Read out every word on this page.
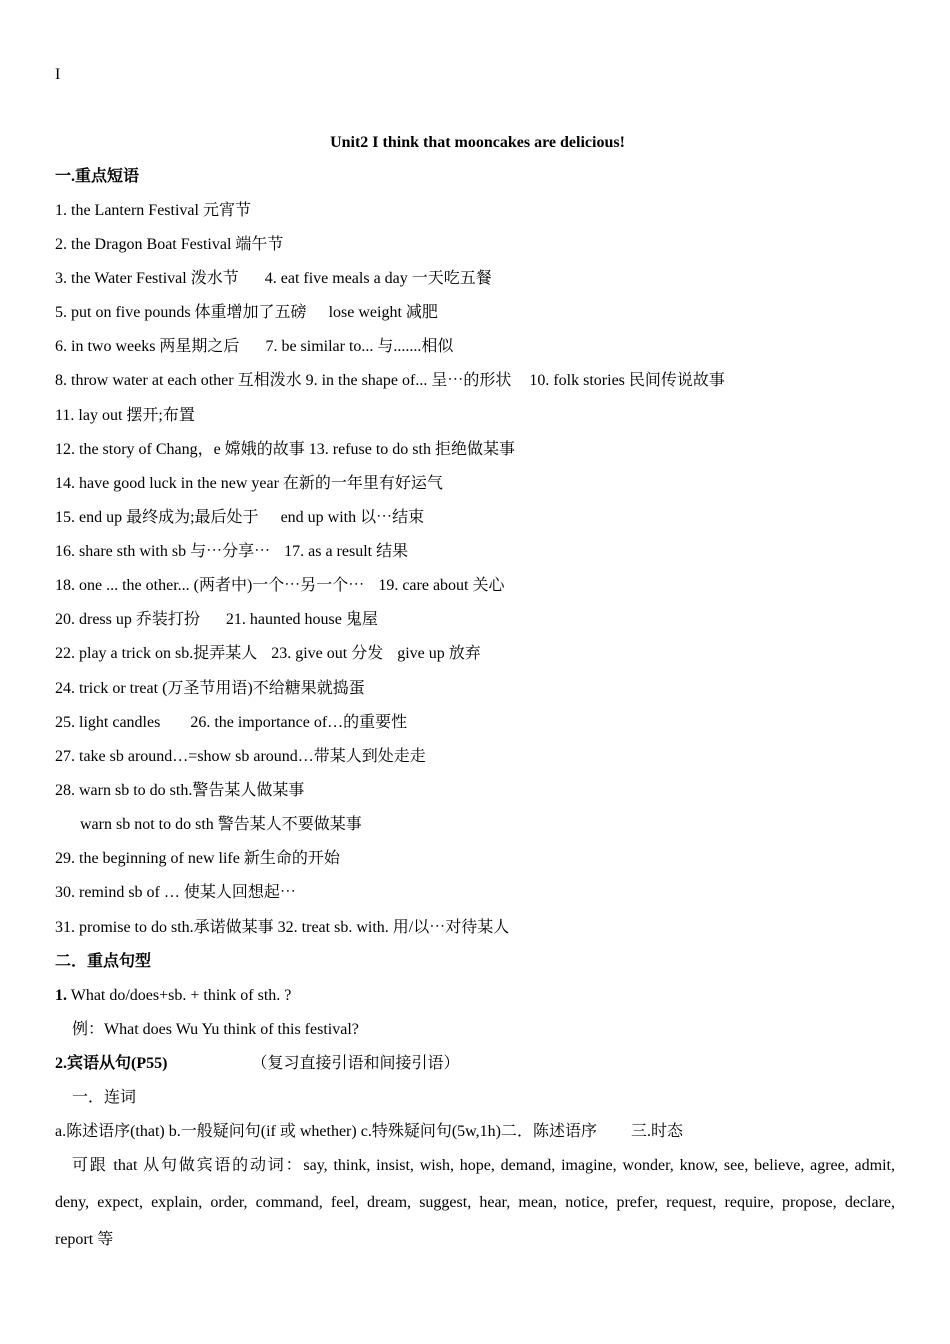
I
Unit2 I think that mooncakes are delicious!
一.重点短语
1. the Lantern Festival 元宵节
2. the Dragon Boat Festival 端午节
3. the Water Festival 泼水节 4. eat five meals a day 一天吃五餐
5. put on five pounds 体重增加了五磅 lose weight 减肥
6. in two weeks 两星期之后 7. be similar to... 与.......相似
8. throw water at each other 互相泼水 9. in the shape of... 呈⋯的形状 10. folk stories 民间传说故事
11. lay out 摆开;布置
12. the story of Chang，e 嫦娥的故事 13. refuse to do sth 拒绝做某事
14. have good luck in the new year 在新的一年里有好运气
15. end up 最终成为;最后处于 end up with 以⋯结束
16. share sth with sb 与⋯分享⋯ 17. as a result 结果
18. one ... the other... (两者中)一个⋯另一个⋯ 19. care about 关心
20. dress up 乔装打扮 21. haunted house 鬼屋
22. play a trick on sb.捉弄某人 23. give out 分发 give up 放弃
24. trick or treat (万圣节用语)不给糖果就捣蛋
25. light candles 26. the importance of…的重要性
27. take sb around…=show sb around…带某人到处走走
28. warn sb to do sth.警告某人做某事
warn sb not to do sth 警告某人不要做某事
29. the beginning of new life 新生命的开始
30. remind sb of … 使某人回想起⋯
31. promise to do sth.承诺做某事 32. treat sb. with. 用/以⋯对待某人
二．重点句型
1. What do/does+sb. + think of sth. ?
例：What does Wu Yu think of this festival?
2.宾语从句(P55)	（复习直接引语和间接引语）
一．连词
a.陈述语序(that) b.一般疑问句(if 或 whether) c.特殊疑问句(5w,1h)二．陈述语序 三.时态
可跟 that 从句做宾语的动词：say, think, insist, wish, hope, demand, imagine, wonder, know, see, believe, agree, admit,
deny, expect, explain, order, command, feel, dream, suggest, hear, mean, notice, prefer, request, require, propose, declare,
report 等
